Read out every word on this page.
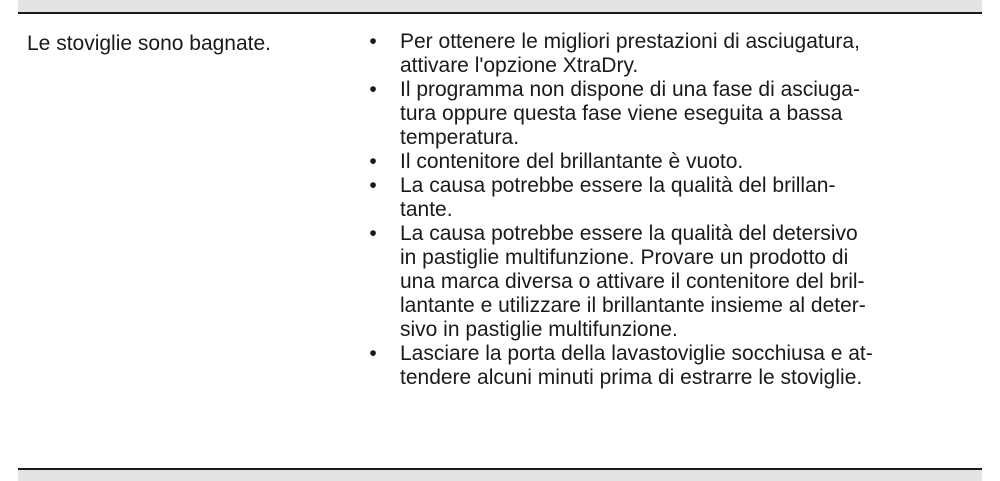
Le stoviglie sono bagnate.	•	Per ottenere le migliori prestazioni di asciugatura,
attivare l'opzione XtraDry.
•	Il programma non dispone di una fase di asciuga-
tura oppure questa fase viene eseguita a bassa
temperatura.
•	Il contenitore del brillantante è vuoto.
•	La causa potrebbe essere la qualità del brillan-
tante.
•	La causa potrebbe essere la qualità del detersivo
in pastiglie multifunzione. Provare un prodotto di
una marca diversa o attivare il contenitore del bril-
lantante e utilizzare il brillantante insieme al deter-
sivo in pastiglie multifunzione.
•	Lasciare la porta della lavastoviglie socchiusa e at-
tendere alcuni minuti prima di estrarre le stoviglie.
